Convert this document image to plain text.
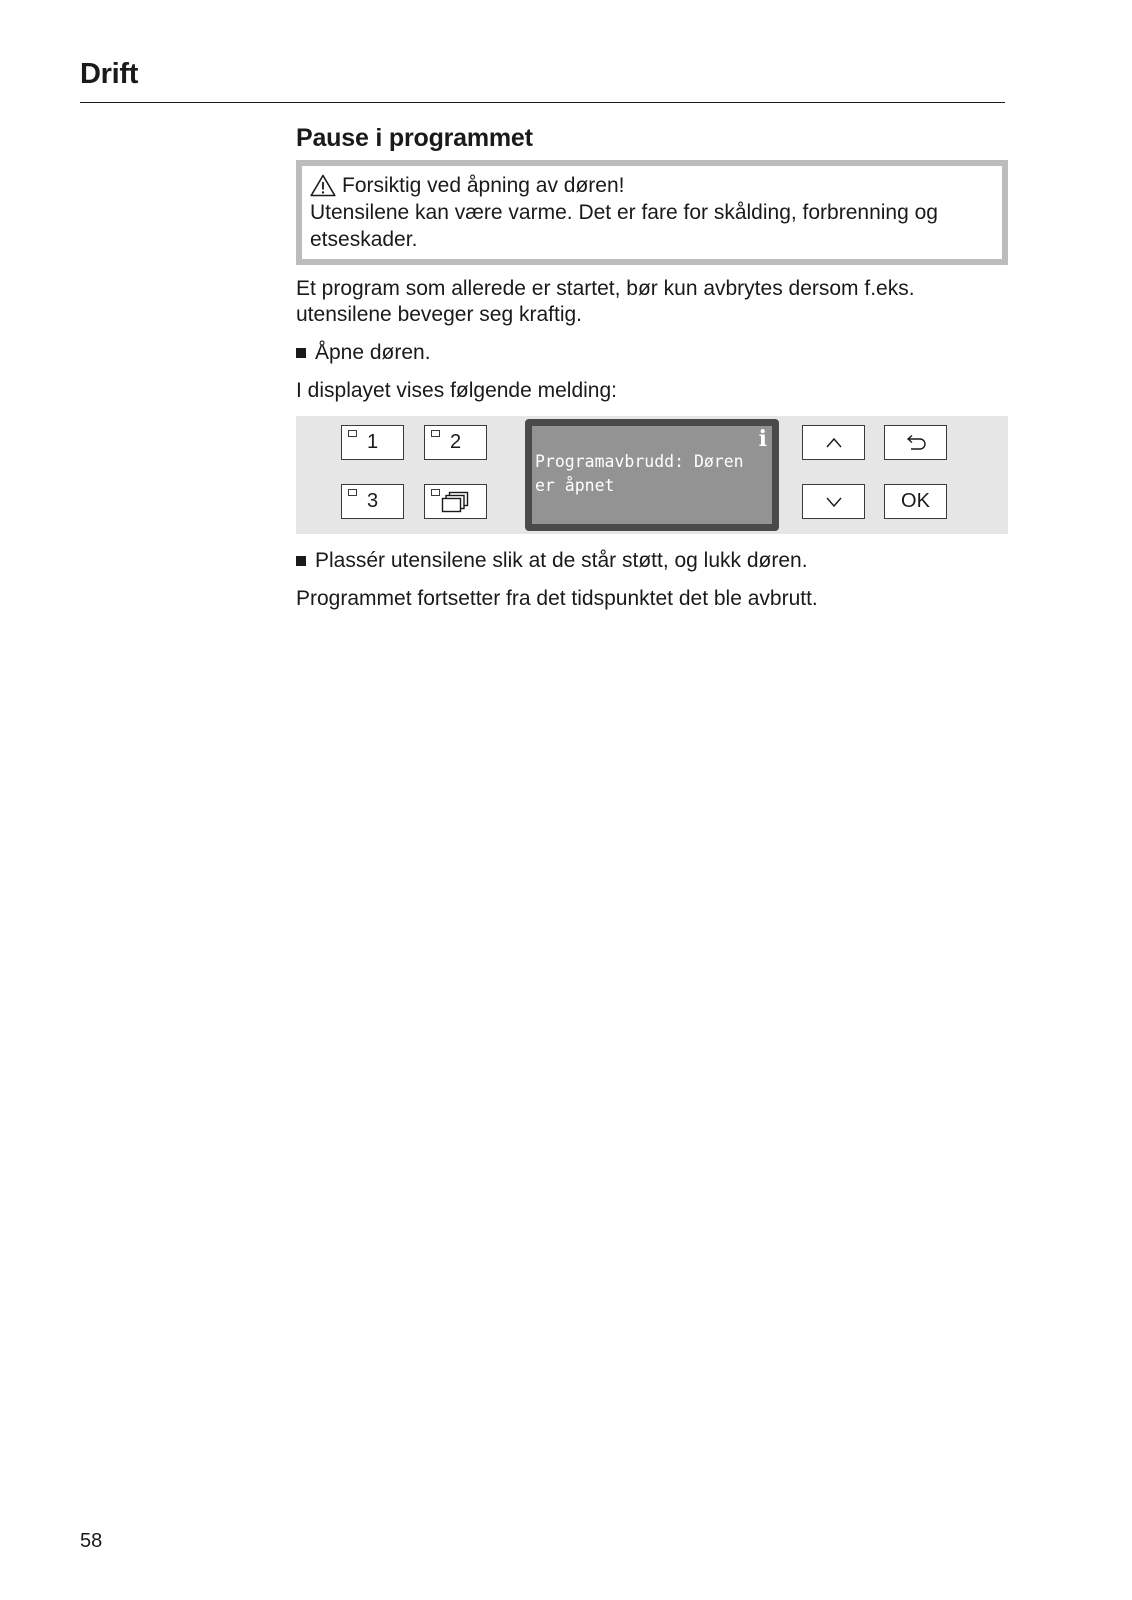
Drift
Pause i programmet
Forsiktig ved åpning av døren!
Utensilene kan være varme. Det er fare for skålding, forbrenning og etseskader.

Et program som allerede er startet, bør kun avbrytes dersom f.eks. utensilene beveger seg kraftig.

Åpne døren.

I displayet vises følgende melding:

1	2
3
i
Programavbrudd: Døren
er åpnet
OK
Plassér utensilene slik at de står støtt, og lukk døren.

Programmet fortsetter fra det tidspunktet det ble avbrutt.

58
